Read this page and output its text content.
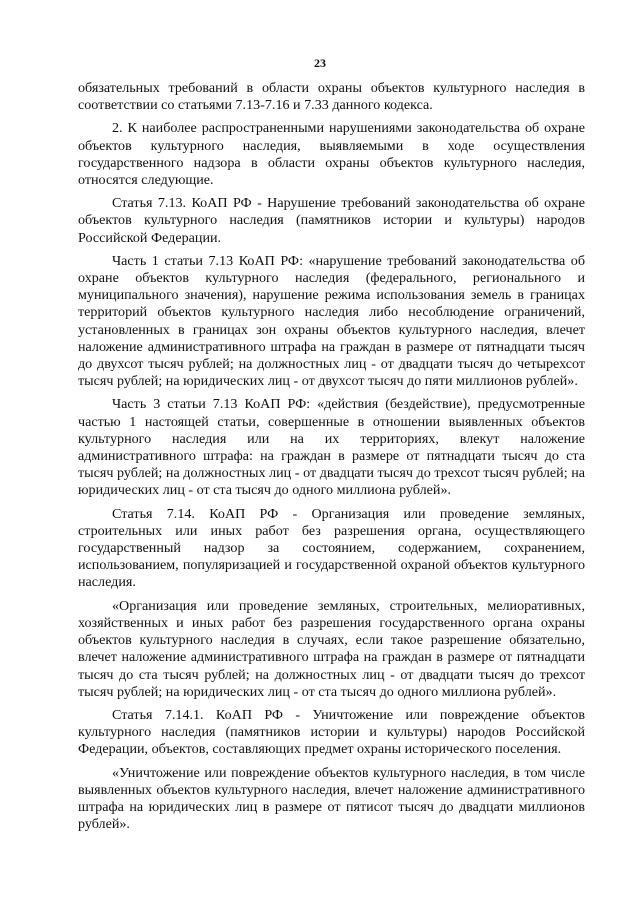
23

обязательных требований в области охраны объектов культурного наследия в соответствии со статьями 7.13-7.16 и 7.33 данного кодекса.

2. К наиболее распространенными нарушениями законодательства об охране объектов культурного наследия, выявляемыми в ходе осуществления государственного надзора в области охраны объектов культурного наследия, относятся следующие.

Статья 7.13. КоАП РФ - Нарушение требований законодательства об охране объектов культурного наследия (памятников истории и культуры) народов Российской Федерации.

Часть 1 статьи 7.13 КоАП РФ: «нарушение требований законодательства об охране объектов культурного наследия (федерального, регионального и муниципального значения), нарушение режима использования земель в границах территорий объектов культурного наследия либо несоблюдение ограничений, установленных в границах зон охраны объектов культурного наследия, влечет наложение административного штрафа на граждан в размере от пятнадцати тысяч до двухсот тысяч рублей; на должностных лиц - от двадцати тысяч до четырехсот тысяч рублей; на юридических лиц - от двухсот тысяч до пяти миллионов рублей».

Часть 3 статьи 7.13 КоАП РФ: «действия (бездействие), предусмотренные частью 1 настоящей статьи, совершенные в отношении выявленных объектов культурного наследия или на их территориях, влекут наложение административного штрафа: на граждан в размере от пятнадцати тысяч до ста тысяч рублей; на должностных лиц - от двадцати тысяч до трехсот тысяч рублей; на юридических лиц - от ста тысяч до одного миллиона рублей».

Статья 7.14. КоАП РФ - Организация или проведение земляных, строительных или иных работ без разрешения органа, осуществляющего государственный надзор за состоянием, содержанием, сохранением, использованием, популяризацией и государственной охраной объектов культурного наследия.

«Организация или проведение земляных, строительных, мелиоративных, хозяйственных и иных работ без разрешения государственного органа охраны объектов культурного наследия в случаях, если такое разрешение обязательно, влечет наложение административного штрафа на граждан в размере от пятнадцати тысяч до ста тысяч рублей; на должностных лиц - от двадцати тысяч до трехсот тысяч рублей; на юридических лиц - от ста тысяч до одного миллиона рублей».

Статья 7.14.1. КоАП РФ - Уничтожение или повреждение объектов культурного наследия (памятников истории и культуры) народов Российской Федерации, объектов, составляющих предмет охраны исторического поселения.

«Уничтожение или повреждение объектов культурного наследия, в том числе выявленных объектов культурного наследия, влечет наложение административного штрафа на юридических лиц в размере от пятисот тысяч до двадцати миллионов рублей».
